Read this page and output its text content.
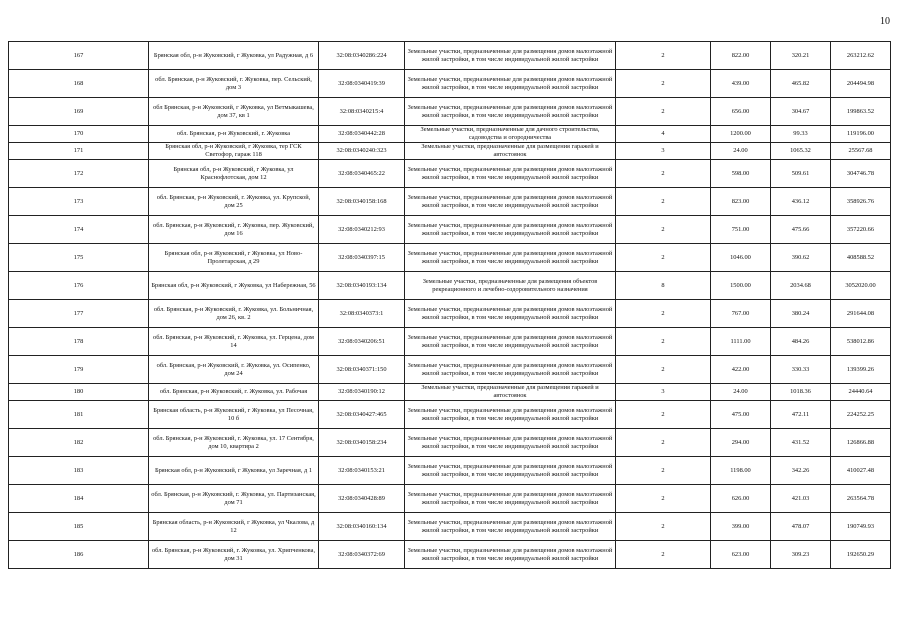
10
167	Брянская обл, р-н Жуковский, г Жуковка, ул Радужная, д 6	32:08:0340286:224	Земельные участки, предназначенные для размещения домов малоэтажной жилой застройки, в том числе индивидуальной жилой застройки	2	822.00	320.21	263212.62
168	обл. Брянская, р-н Жуковский, г. Жуковка, пер. Сельский, дом 3	32:08:0340419:39	Земельные участки, предназначенные для размещения домов малоэтажной жилой застройки, в том числе индивидуальной жилой застройки	2	439.00	465.82	204494.98
169	обл Брянская, р-н Жуковский, г Жуковка, ул Ветмыкашева, дом 37, кв 1	32:08:0340215:4	Земельные участки, предназначенные для размещения домов малоэтажной жилой застройки, в том числе индивидуальной жилой застройки	2	656.00	304.67	199863.52
170	обл. Брянская, р-н Жуковский, г. Жуковка	32:08:0340442:28	Земельные участки, предназначенные для дачного строительства, садоводства и огородничества	4	1200.00	99.33	119196.00
171	Брянская обл, р-н Жуковский, г Жуковка, тер ГСК Светофор, гараж 118	32:08:0340240:323	Земельные участки, предназначенные для размещения гаражей и автостоянок	3	24.00	1065.32	25567.68
172	Брянская обл, р-н Жуковский, г Жуковка, ул Краснофлотская, дом 12	32:08:0340465:22	Земельные участки, предназначенные для размещения домов малоэтажной жилой застройки, в том числе индивидуальной жилой застройки	2	598.00	509.61	304746.78
173	обл. Брянская, р-н Жуковский, г. Жуковка, ул. Крупской, дом 25	32:08:0340158:168	Земельные участки, предназначенные для размещения домов малоэтажной жилой застройки, в том числе индивидуальной жилой застройки	2	823.00	436.12	358926.76
174	обл. Брянская, р-н Жуковский, г. Жуковка, пер. Жуковский, дом 16	32:08:0340212:93	Земельные участки, предназначенные для размещения домов малоэтажной жилой застройки, в том числе индивидуальной жилой застройки	2	751.00	475.66	357220.66
175	Брянская обл, р-н Жуковский, г Жуковка, ул Ново-Пролетарская, д 29	32:08:0340397:15	Земельные участки, предназначенные для размещения домов малоэтажной жилой застройки, в том числе индивидуальной жилой застройки	2	1046.00	390.62	408588.52
176	Брянская обл, р-н Жуковский, г Жуковка, ул Набережная, 56	32:08:0340193:134	Земельные участки, предназначенные для размещения объектов рекреационного и лечебно-оздоровительного назначения	8	1500.00	2034.68	3052020.00
177	обл. Брянская, р-н Жуковский, г. Жуковка, ул. Больничная, дом 26, кв. 2	32:08:0340373:1	Земельные участки, предназначенные для размещения домов малоэтажной жилой застройки, в том числе индивидуальной жилой застройки	2	767.00	380.24	291644.08
178	обл. Брянская, р-н Жуковский, г. Жуковка, ул. Герцена, дом 14	32:08:0340206:51	Земельные участки, предназначенные для размещения домов малоэтажной жилой застройки, в том числе индивидуальной жилой застройки	2	1111.00	484.26	538012.86
179	обл. Брянская, р-н Жуковский, г. Жуковка, ул. Осипенко, дом 24	32:08:0340371:150	Земельные участки, предназначенные для размещения домов малоэтажной жилой застройки, в том числе индивидуальной жилой застройки	2	422.00	330.33	139399.26
180	обл. Брянская, р-н Жуковский, г. Жуковка, ул. Рабочая	32:08:0340190:12	Земельные участки, предназначенные для размещения гаражей и автостоянок	3	24.00	1018.36	24440.64
181	Брянская область, р-н Жуковский, г Жуковка, ул Песочная, 10 б	32:08:0340427:465	Земельные участки, предназначенные для размещения домов малоэтажной жилой застройки, в том числе индивидуальной жилой застройки	2	475.00	472.11	224252.25
182	обл. Брянская, р-н Жуковский, г. Жуковка, ул. 17 Сентября, дом 10, квартира 2	32:08:0340158:234	Земельные участки, предназначенные для размещения домов малоэтажной жилой застройки, в том числе индивидуальной жилой застройки	2	294.00	431.52	126866.88
183	Брянская обл, р-н Жуковский, г Жуковка, ул Заречная, д 1	32:08:0340153:21	Земельные участки, предназначенные для размещения домов малоэтажной жилой застройки, в том числе индивидуальной жилой застройки	2	1198.00	342.26	410027.48
184	обл. Брянская, р-н Жуковский, г. Жуковка, ул. Партизанская, дом 71	32:08:0340428:89	Земельные участки, предназначенные для размещения домов малоэтажной жилой застройки, в том числе индивидуальной жилой застройки	2	626.00	421.03	263564.78
185	Брянская область, р-н Жуковский, г Жуковка, ул Чкалова, д 12	32:08:0340160:134	Земельные участки, предназначенные для размещения домов малоэтажной жилой застройки, в том числе индивидуальной жилой застройки	2	399.00	478.07	190749.93
186	обл. Брянская, р-н Жуковский, г. Жуковка, ул. Хрипченкова, дом 31	32:08:0340372:69	Земельные участки, предназначенные для размещения домов малоэтажной жилой застройки, в том числе индивидуальной жилой застройки	2	623.00	309.23	192650.29
